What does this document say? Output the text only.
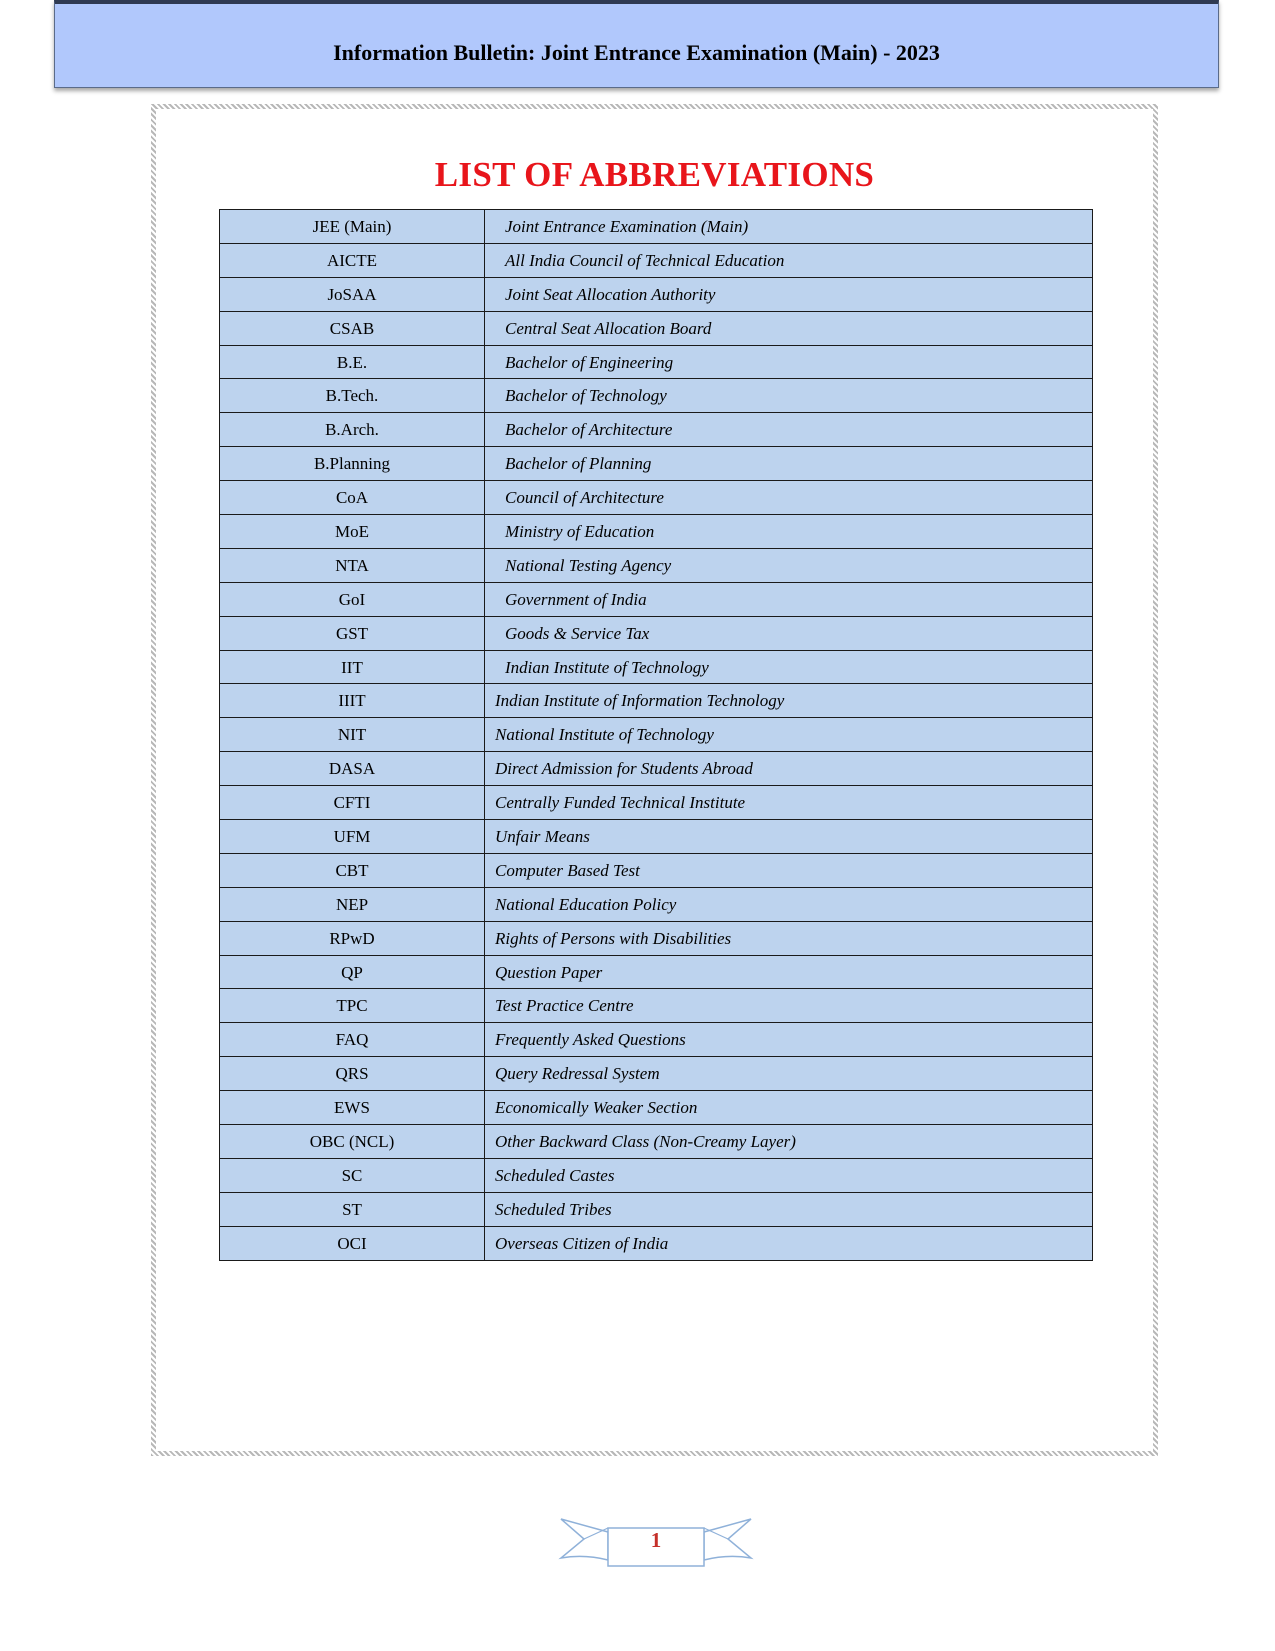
Information Bulletin: Joint Entrance Examination (Main) - 2023
LIST OF ABBREVIATIONS
JEE (Main)	Joint Entrance Examination (Main)
AICTE	All India Council of Technical Education
JoSAA	Joint Seat Allocation Authority
CSAB	Central Seat Allocation Board
B.E.	Bachelor of Engineering
B.Tech.	Bachelor of Technology
B.Arch.	Bachelor of Architecture
B.Planning	Bachelor of Planning
CoA	Council of Architecture
MoE	Ministry of Education
NTA	National Testing Agency
GoI	Government of India
GST	Goods & Service Tax
IIT	Indian Institute of Technology
IIIT	Indian Institute of Information Technology
NIT	National Institute of Technology
DASA	Direct Admission for Students Abroad
CFTI	Centrally Funded Technical Institute
UFM	Unfair Means
CBT	Computer Based Test
NEP	National Education Policy
RPwD	Rights of Persons with Disabilities
QP	Question Paper
TPC	Test Practice Centre
FAQ	Frequently Asked Questions
QRS	Query Redressal System
EWS	Economically Weaker Section
OBC (NCL)	Other Backward Class (Non-Creamy Layer)
SC	Scheduled Castes
ST	Scheduled Tribes
OCI	Overseas Citizen of India
1
